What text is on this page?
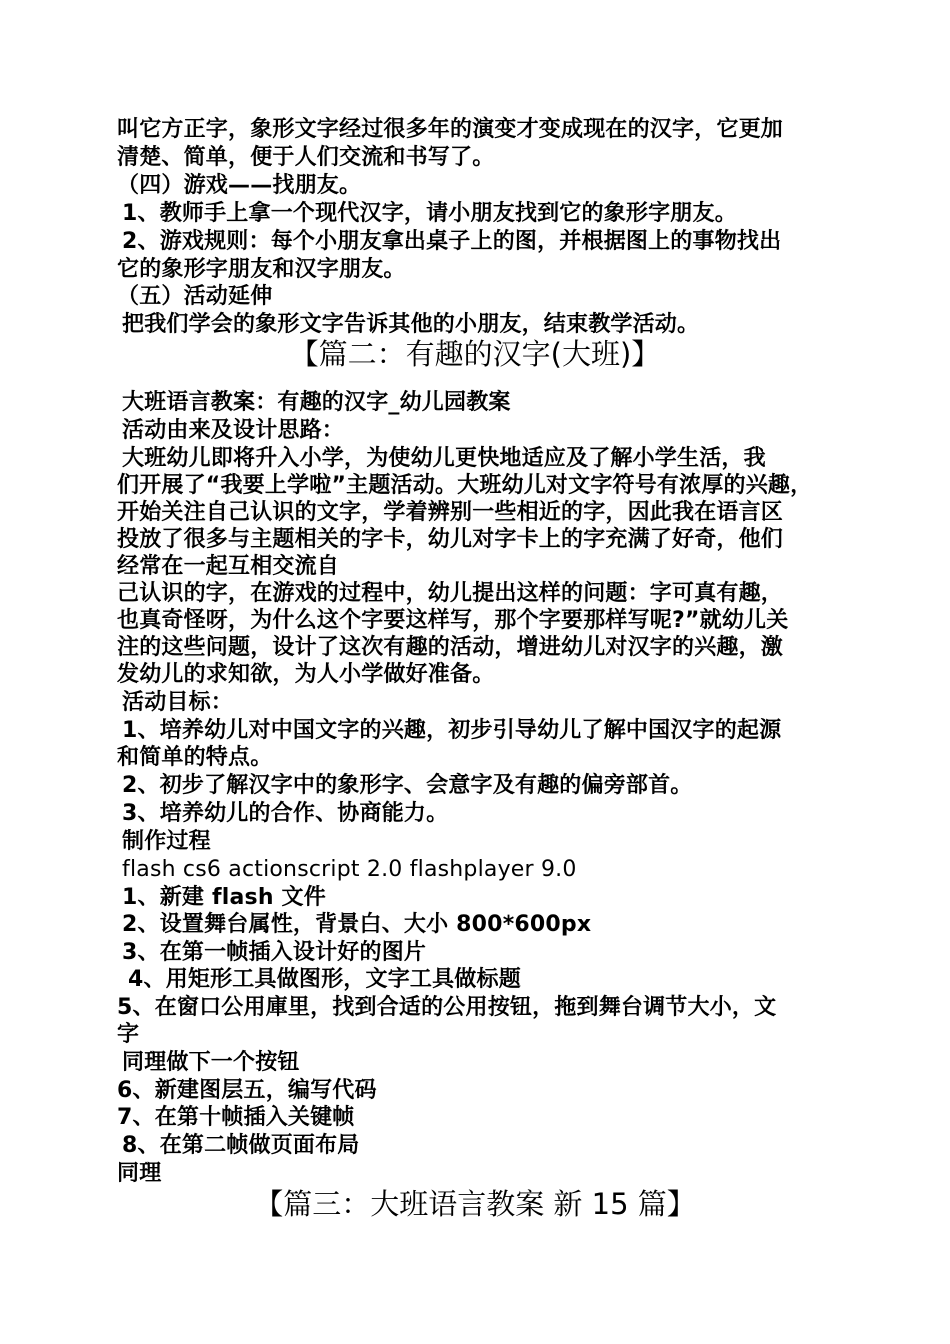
叫它方正字，象形文字经过很多年的演变才变成现在的汉字，它更加
清楚、简单，便于人们交流和书写了。
（四）游戏——找朋友。
1、教师手上拿一个现代汉字，请小朋友找到它的象形字朋友。
2、游戏规则：每个小朋友拿出桌子上的图，并根据图上的事物找出
它的象形字朋友和汉字朋友。
（五）活动延伸
把我们学会的象形文字告诉其他的小朋友，结束教学活动。
【篇二：有趣的汉字(大班)】
大班语言教案：有趣的汉字_幼儿园教案
活动由来及设计思路：
大班幼儿即将升入小学，为使幼儿更快地适应及了解小学生活，我
们开展了“我要上学啦”主题活动。大班幼儿对文字符号有浓厚的兴趣，
开始关注自己认识的文字，学着辨别一些相近的字，因此我在语言区
投放了很多与主题相关的字卡，幼儿对字卡上的字充满了好奇，他们
经常在一起互相交流自
己认识的字，在游戏的过程中，幼儿提出这样的问题：字可真有趣，
也真奇怪呀，为什么这个字要这样写，那个字要那样写呢?”就幼儿关
注的这些问题，设计了这次有趣的活动，增进幼儿对汉字的兴趣，激
发幼儿的求知欲，为人小学做好准备。
活动目标：
1、培养幼儿对中国文字的兴趣，初步引导幼儿了解中国汉字的起源
和简单的特点。
2、初步了解汉字中的象形字、会意字及有趣的偏旁部首。
3、培养幼儿的合作、协商能力。
制作过程
flash cs6 actionscript 2.0 flashplayer 9.0
1、新建 flash 文件
2、设置舞台属性，背景白、大小 800*600px
3、在第一帧插入设计好的图片
4、用矩形工具做图形，文字工具做标题
5、在窗口公用庫里，找到合适的公用按钮，拖到舞台调节大小，文
字
同理做下一个按钮
6、新建图层五，编写代码
7、在第十帧插入关键帧
8、在第二帧做页面布局
同理
【篇三：大班语言教案 新 15 篇】
